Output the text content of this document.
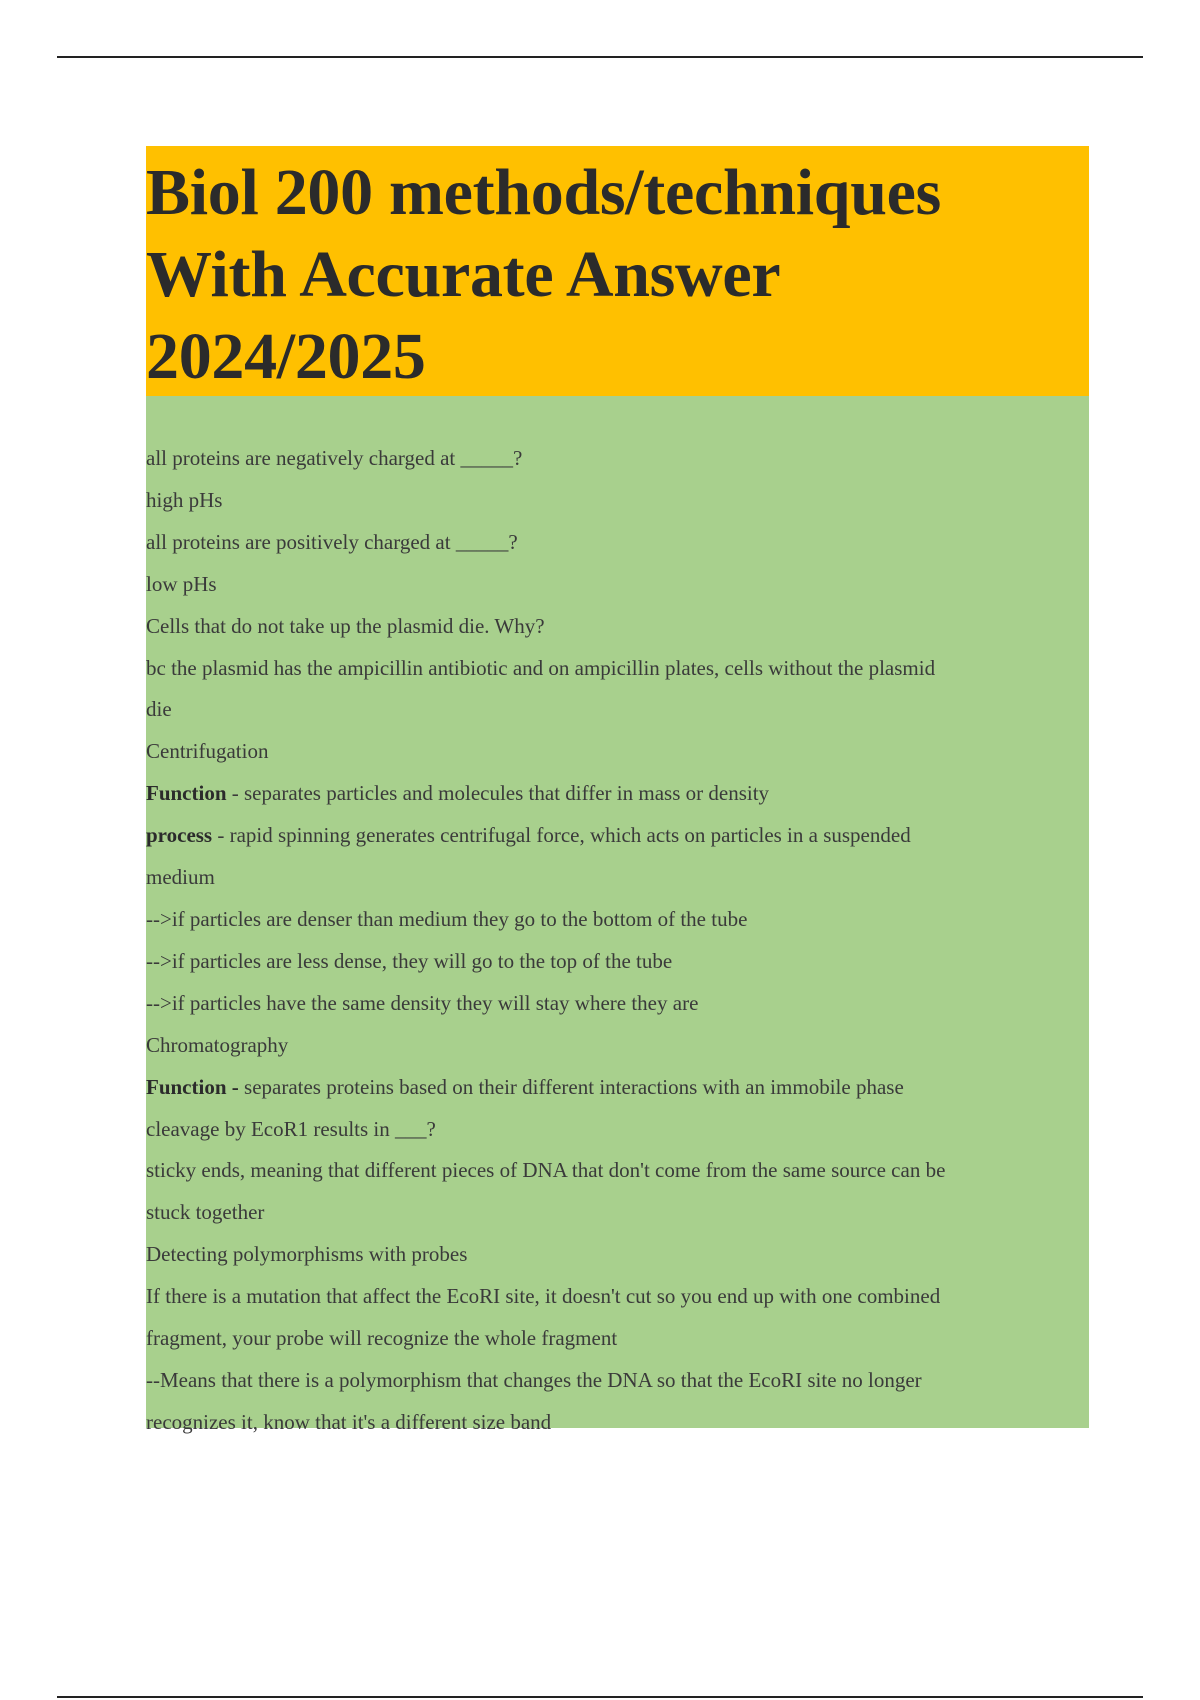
Biol 200 methods/techniques
With Accurate Answer
2024/2025

all proteins are negatively charged at _____?

high pHs

all proteins are positively charged at _____?

low pHs

Cells that do not take up the plasmid die. Why?

bc the plasmid has the ampicillin antibiotic and on ampicillin plates, cells without the plasmid

die

Centrifugation

Function - separates particles and molecules that differ in mass or density

process - rapid spinning generates centrifugal force, which acts on particles in a suspended

medium

-->if particles are denser than medium they go to the bottom of the tube

-->if particles are less dense, they will go to the top of the tube

-->if particles have the same density they will stay where they are

Chromatography

Function - separates proteins based on their different interactions with an immobile phase

cleavage by EcoR1 results in ___?

sticky ends, meaning that different pieces of DNA that don't come from the same source can be

stuck together

Detecting polymorphisms with probes

If there is a mutation that affect the EcoRI site, it doesn't cut so you end up with one combined

fragment, your probe will recognize the whole fragment

--Means that there is a polymorphism that changes the DNA so that the EcoRI site no longer

recognizes it, know that it's a different size band
